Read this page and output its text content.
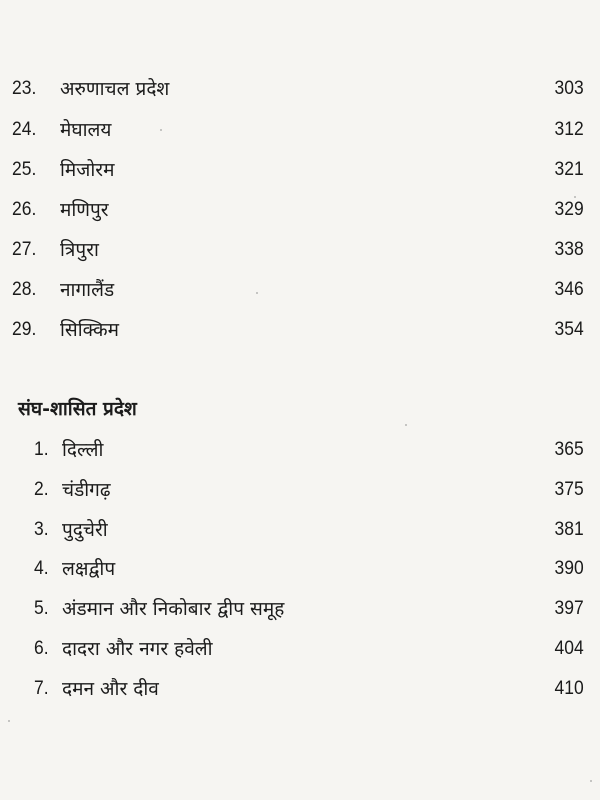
23. अरुणाचल प्रदेश	303
24. मेघालय	312
25. मिजोरम	321
26. मणिपुर	329
27. त्रिपुरा	338
28. नागालैंड	346
29. सिक्किम	354
संघ-शासित प्रदेश
1. दिल्ली	365
2. चंडीगढ़	375
3. पुदुचेरी	381
4. लक्षद्वीप	390
5. अंडमान और निकोबार द्वीप समूह	397
6. दादरा और नगर हवेली	404
7. दमन और दीव	410
